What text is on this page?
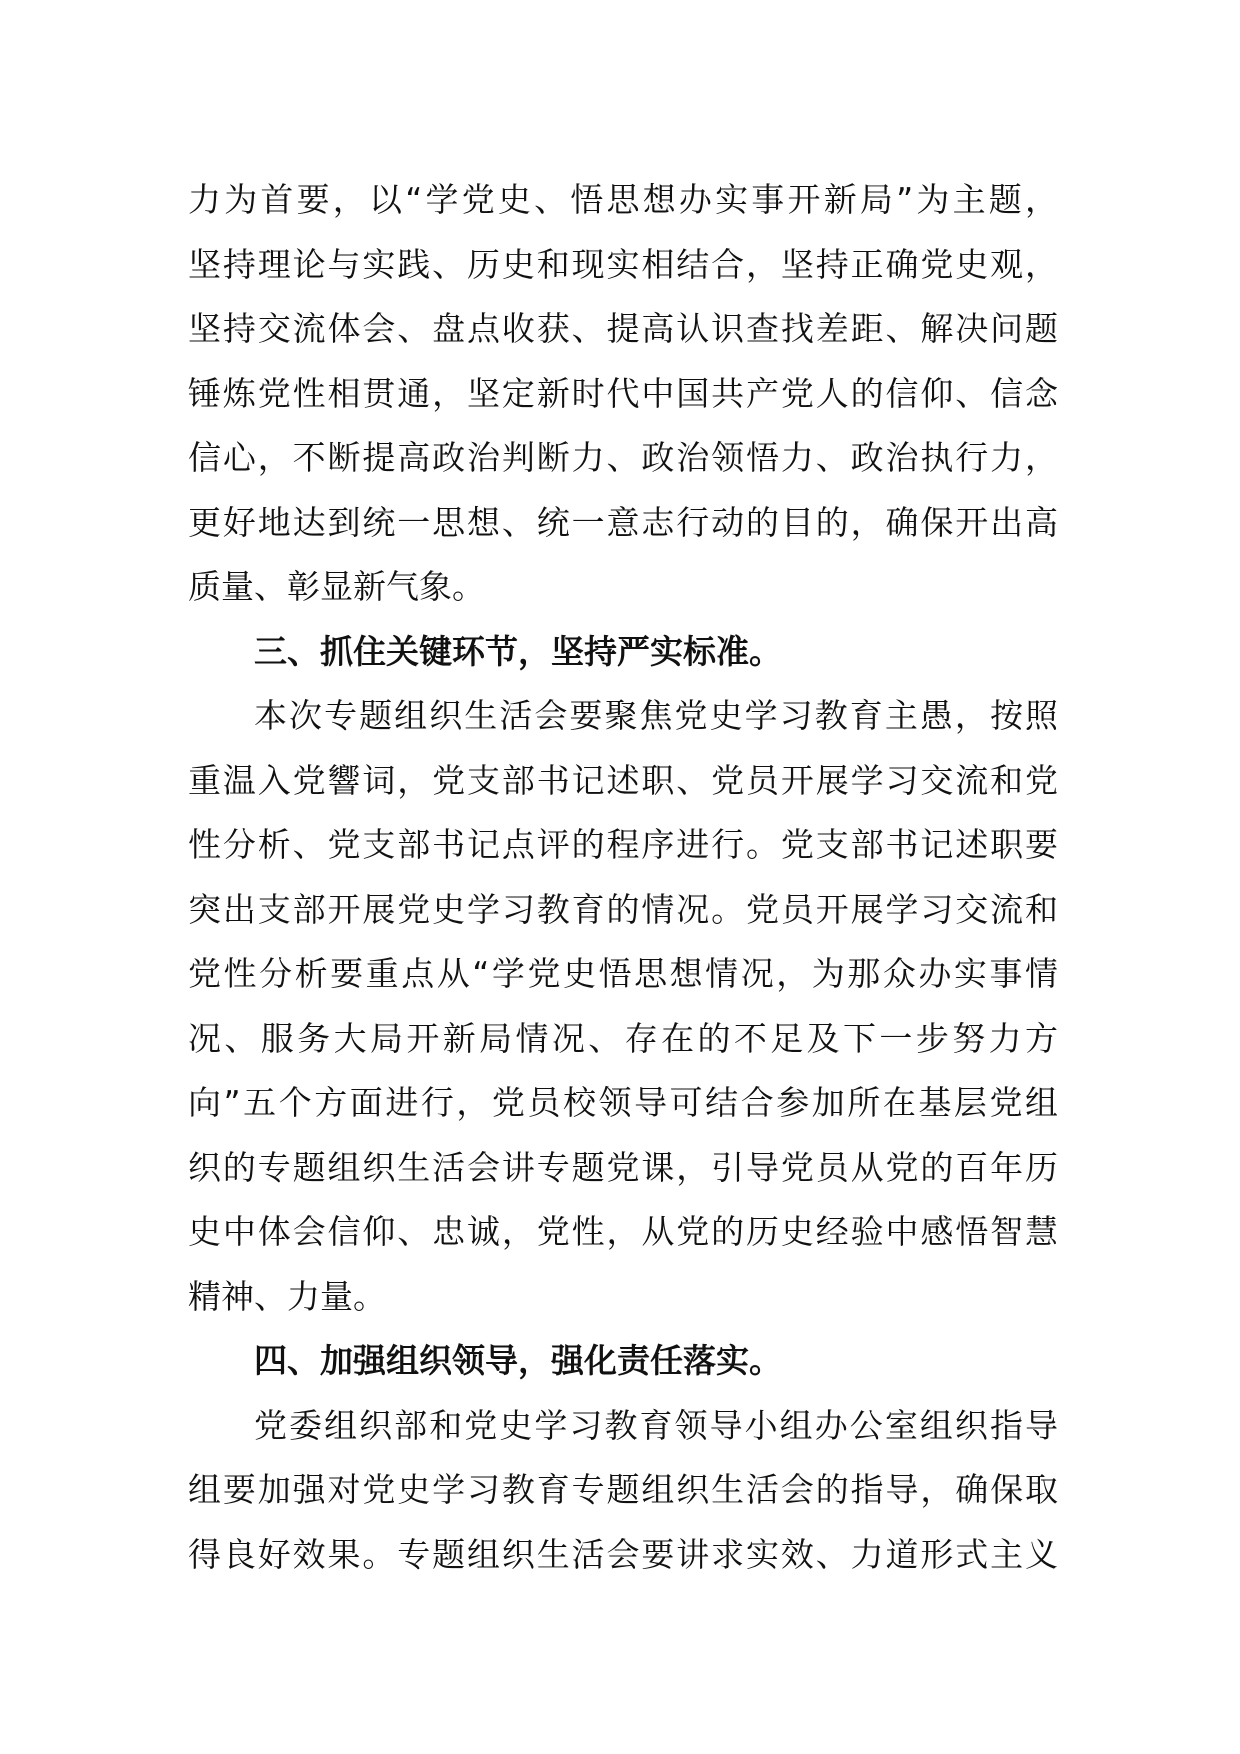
力为首要，以“学党史、悟思想办实事开新局”为主题，
坚持理论与实践、历史和现实相结合，坚持正确党史观，
坚持交流体会、盘点收获、提高认识查找差距、解决问题
锤炼党性相贯通，坚定新时代中国共产党人的信仰、信念
信心，不断提高政治判断力、政治领悟力、政治执行力，
更好地达到统一思想、统一意志行动的目的，确保开出高
质量、彰显新气象。
三、抓住关键环节，坚持严实标准。
本次专题组织生活会要聚焦党史学习教育主愚，按照
重温入党響词，党支部书记述职、党员开展学习交流和党
性分析、党支部书记点评的程序进行。党支部书记述职要
突出支部开展党史学习教育的情况。党员开展学习交流和
党性分析要重点从“学党史悟思想情况，为那众办实事情
况、服务大局开新局情况、存在的不足及下一步努力方
向”五个方面进行，党员校领导可结合参加所在基层党组
织的专题组织生活会讲专题党课，引导党员从党的百年历
史中体会信仰、忠诚，党性，从党的历史经验中感悟智慧
精神、力量。
四、加强组织领导，强化责任落实。
党委组织部和党史学习教育领导小组办公室组织指导
组要加强对党史学习教育专题组织生活会的指导，确保取
得良好效果。专题组织生活会要讲求实效、力道形式主义
